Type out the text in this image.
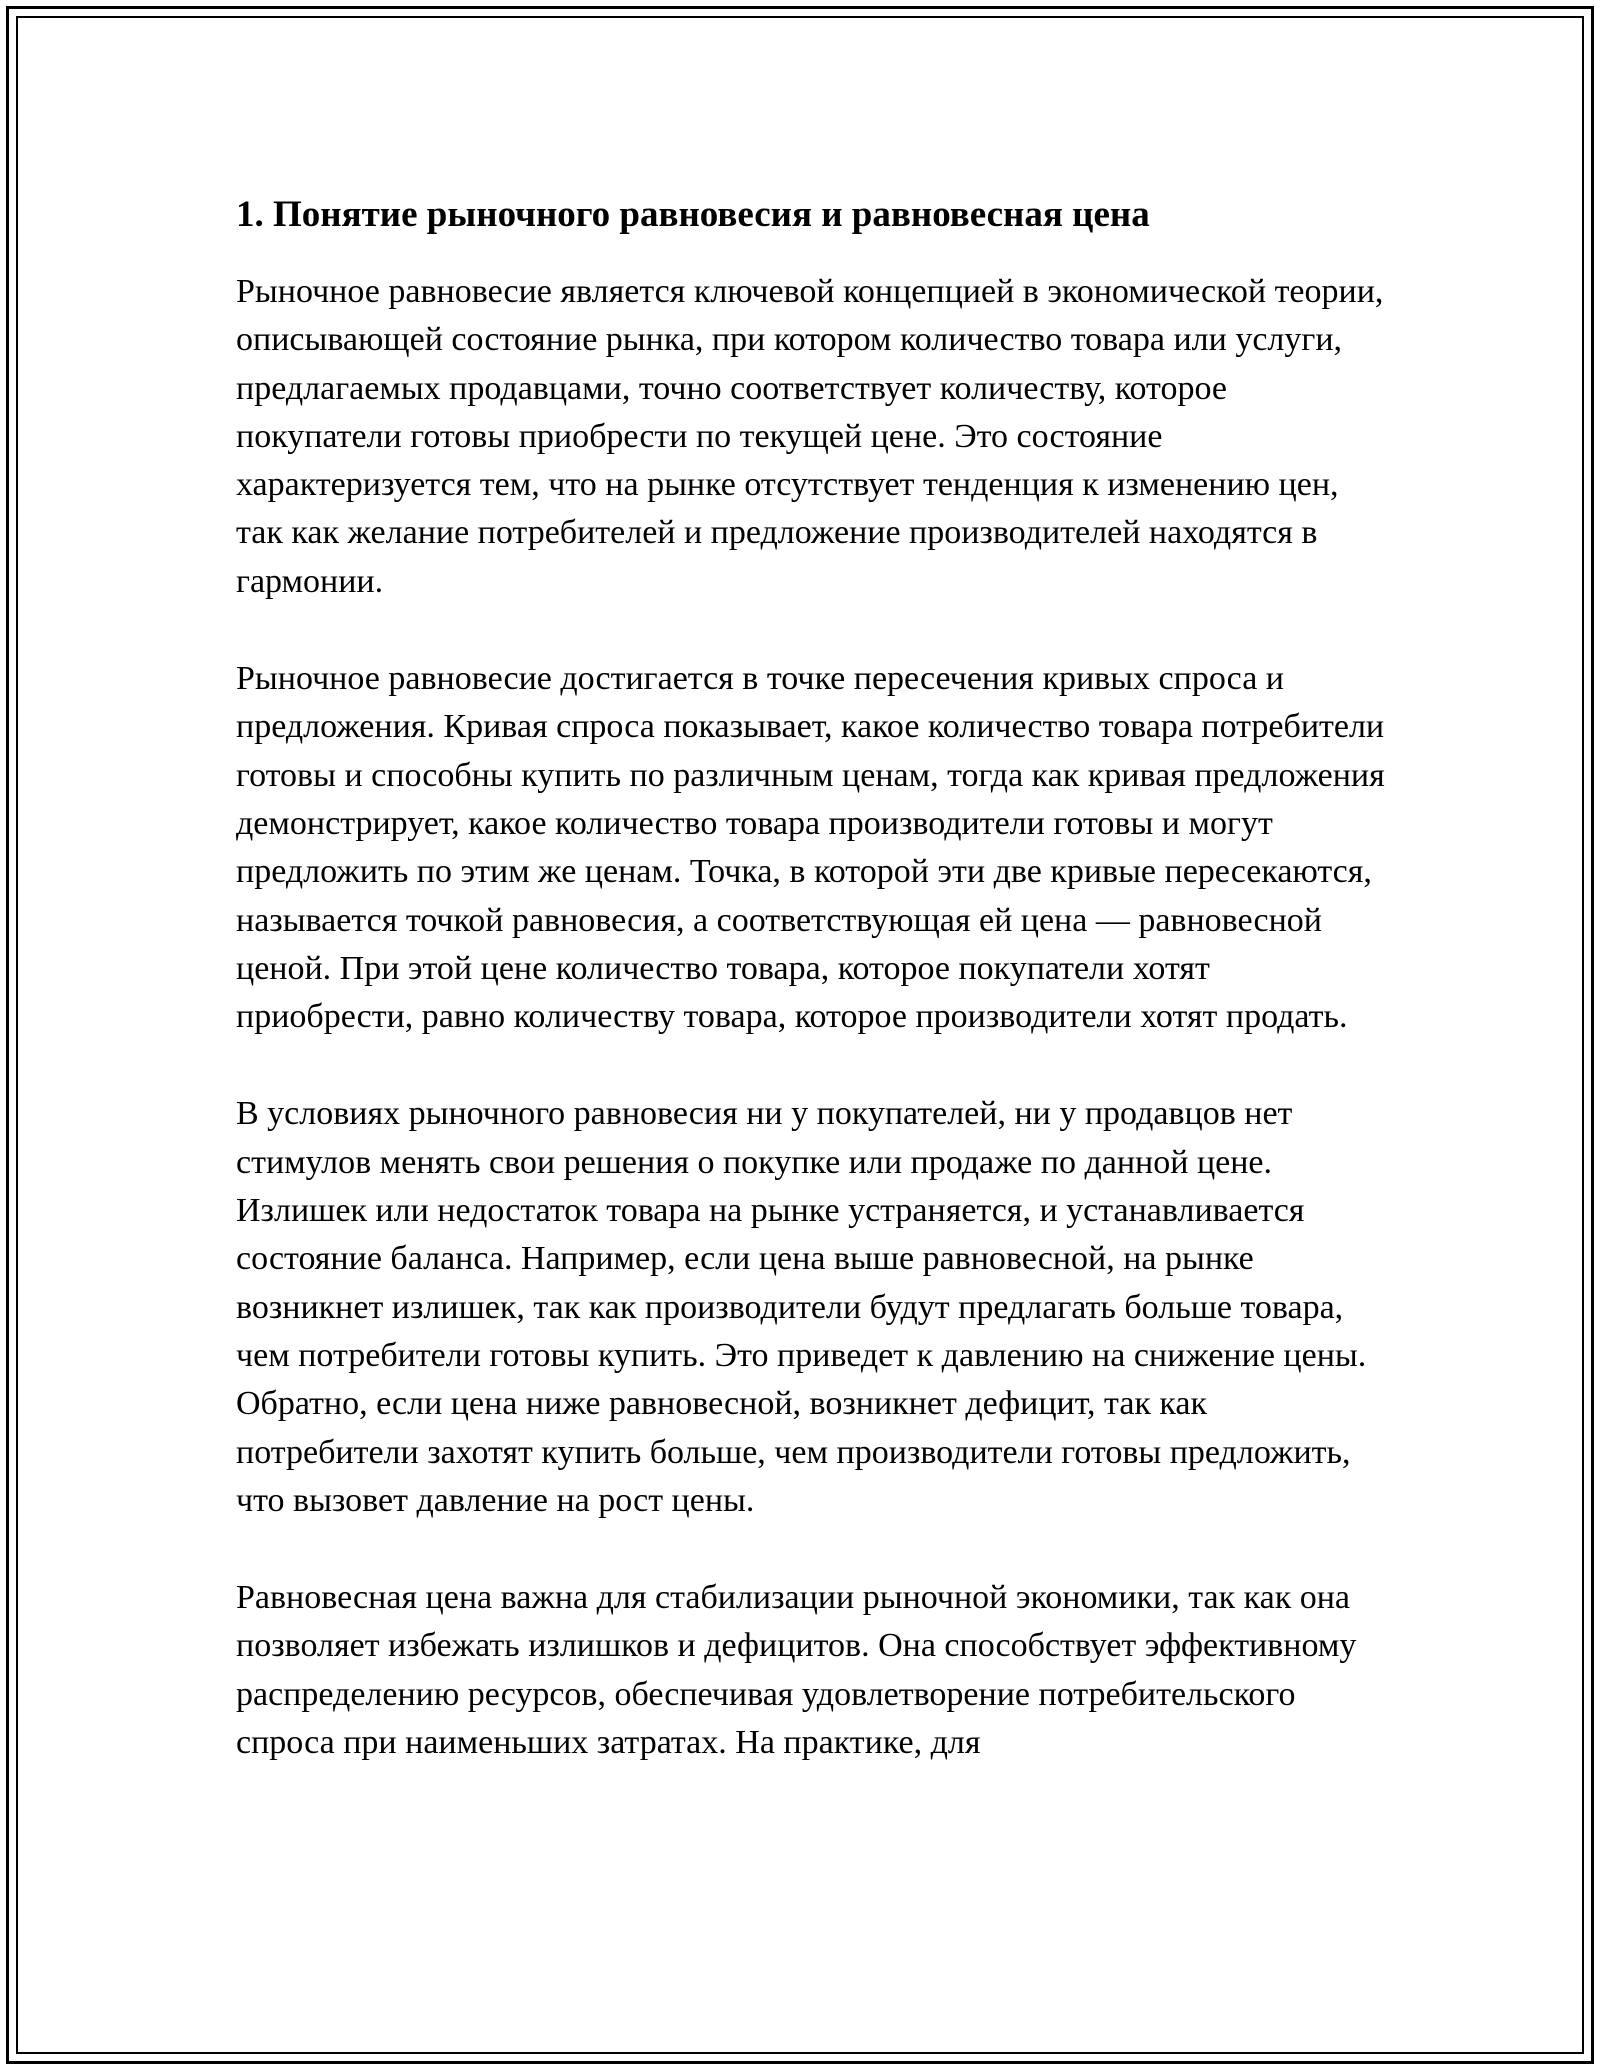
1. Понятие рыночного равновесия и равновесная цена

Рыночное равновесие является ключевой концепцией в экономической теории, описывающей состояние рынка, при котором количество товара или услуги, предлагаемых продавцами, точно соответствует количеству, которое покупатели готовы приобрести по текущей цене. Это состояние характеризуется тем, что на рынке отсутствует тенденция к изменению цен, так как желание потребителей и предложение производителей находятся в гармонии.

Рыночное равновесие достигается в точке пересечения кривых спроса и предложения. Кривая спроса показывает, какое количество товара потребители готовы и способны купить по различным ценам, тогда как кривая предложения демонстрирует, какое количество товара производители готовы и могут предложить по этим же ценам. Точка, в которой эти две кривые пересекаются, называется точкой равновесия, а соответствующая ей цена — равновесной ценой. При этой цене количество товара, которое покупатели хотят приобрести, равно количеству товара, которое производители хотят продать.

В условиях рыночного равновесия ни у покупателей, ни у продавцов нет стимулов менять свои решения о покупке или продаже по данной цене. Излишек или недостаток товара на рынке устраняется, и устанавливается состояние баланса. Например, если цена выше равновесной, на рынке возникнет излишек, так как производители будут предлагать больше товара, чем потребители готовы купить. Это приведет к давлению на снижение цены. Обратно, если цена ниже равновесной, возникнет дефицит, так как потребители захотят купить больше, чем производители готовы предложить, что вызовет давление на рост цены.

Равновесная цена важна для стабилизации рыночной экономики, так как она позволяет избежать излишков и дефицитов. Она способствует эффективному распределению ресурсов, обеспечивая удовлетворение потребительского спроса при наименьших затратах. На практике, для
